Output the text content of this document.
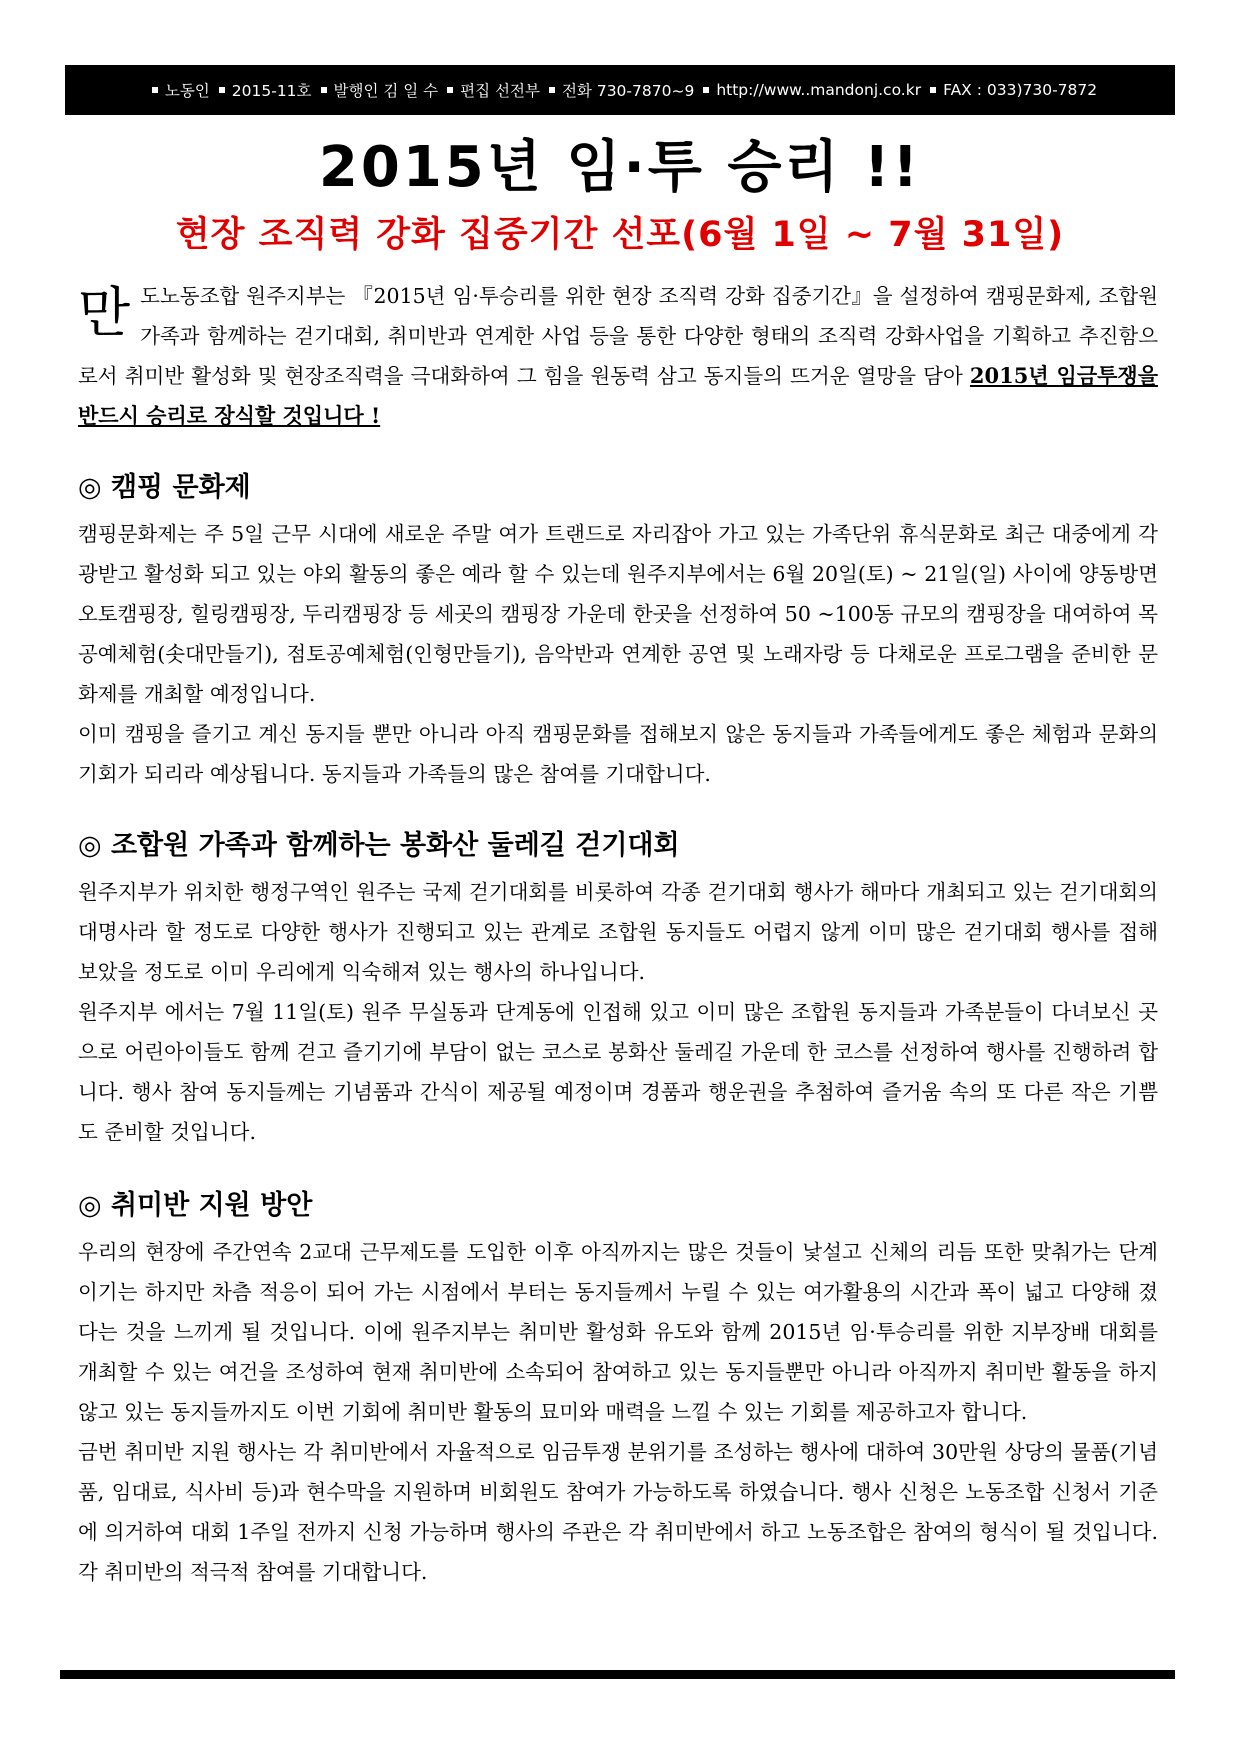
노동인 2015-11호 발행인 김 일 수 편집 선전부 전화 730-7870~9 http://www..mandonj.co.kr FAX : 033)730-7872
2015년 임·투 승리 !!
현장 조직력 강화 집중기간 선포(6월 1일 ~ 7월 31일)
만 도노동조합 원주지부는 『2015년 임·투승리를 위한 현장 조직력 강화 집중기간』을 설정하여 캠핑문화제, 조합원가족과 함께하는 걷기대회, 취미반과 연계한 사업 등을 통한 다양한 형태의 조직력 강화사업을 기획하고 추진함으로서 취미반 활성화 및 현장조직력을 극대화하여 그 힘을 원동력 삼고 동지들의 뜨거운 열망을 담아 2015년 임금투쟁을 반드시 승리로 장식할 것입니다 !

◎ 캠핑 문화제

캠핑문화제는 주 5일 근무 시대에 새로운 주말 여가 트랜드로 자리잡아 가고 있는 가족단위 휴식문화로 최근 대중에게 각광받고 활성화 되고 있는 야외 활동의 좋은 예라 할 수 있는데 원주지부에서는 6월 20일(토) ~ 21일(일) 사이에 양동방면 오토캠핑장, 힐링캠핑장, 두리캠핑장 등 세곳의 캠핑장 가운데 한곳을 선정하여 50 ~100동 규모의 캠핑장을 대여하여 목공예체험(솟대만들기), 점토공예체험(인형만들기), 음악반과 연계한 공연 및 노래자랑 등 다채로운 프로그램을 준비한 문화제를 개최할 예정입니다.

이미 캠핑을 즐기고 계신 동지들 뿐만 아니라 아직 캠핑문화를 접해보지 않은 동지들과 가족들에게도 좋은 체험과 문화의 기회가 되리라 예상됩니다. 동지들과 가족들의 많은 참여를 기대합니다.

◎ 조합원 가족과 함께하는 봉화산 둘레길 걷기대회

원주지부가 위치한 행정구역인 원주는 국제 걷기대회를 비롯하여 각종 걷기대회 행사가 해마다 개최되고 있는 걷기대회의 대명사라 할 정도로 다양한 행사가 진행되고 있는 관계로 조합원 동지들도 어렵지 않게 이미 많은 걷기대회 행사를 접해 보았을 정도로 이미 우리에게 익숙해져 있는 행사의 하나입니다.

원주지부 에서는 7월 11일(토) 원주 무실동과 단계동에 인접해 있고 이미 많은 조합원 동지들과 가족분들이 다녀보신 곳으로 어린아이들도 함께 걷고 즐기기에 부담이 없는 코스로 봉화산 둘레길 가운데 한 코스를 선정하여 행사를 진행하려 합니다. 행사 참여 동지들께는 기념품과 간식이 제공될 예정이며 경품과 행운권을 추첨하여 즐거움 속의 또 다른 작은 기쁨도 준비할 것입니다.

◎ 취미반 지원 방안

우리의 현장에 주간연속 2교대 근무제도를 도입한 이후 아직까지는 많은 것들이 낯설고 신체의 리듬 또한 맞춰가는 단계이기는 하지만 차츰 적응이 되어 가는 시점에서 부터는 동지들께서 누릴 수 있는 여가활용의 시간과 폭이 넓고 다양해 졌다는 것을 느끼게 될 것입니다. 이에 원주지부는 취미반 활성화 유도와 함께 2015년 임·투승리를 위한 지부장배 대회를 개최할 수 있는 여건을 조성하여 현재 취미반에 소속되어 참여하고 있는 동지들뿐만 아니라 아직까지 취미반 활동을 하지 않고 있는 동지들까지도 이번 기회에 취미반 활동의 묘미와 매력을 느낄 수 있는 기회를 제공하고자 합니다.

금번 취미반 지원 행사는 각 취미반에서 자율적으로 임금투쟁 분위기를 조성하는 행사에 대하여 30만원 상당의 물품(기념품, 임대료, 식사비 등)과 현수막을 지원하며 비회원도 참여가 가능하도록 하였습니다. 행사 신청은 노동조합 신청서 기준에 의거하여 대회 1주일 전까지 신청 가능하며 행사의 주관은 각 취미반에서 하고 노동조합은 참여의 형식이 될 것입니다. 각 취미반의 적극적 참여를 기대합니다.
